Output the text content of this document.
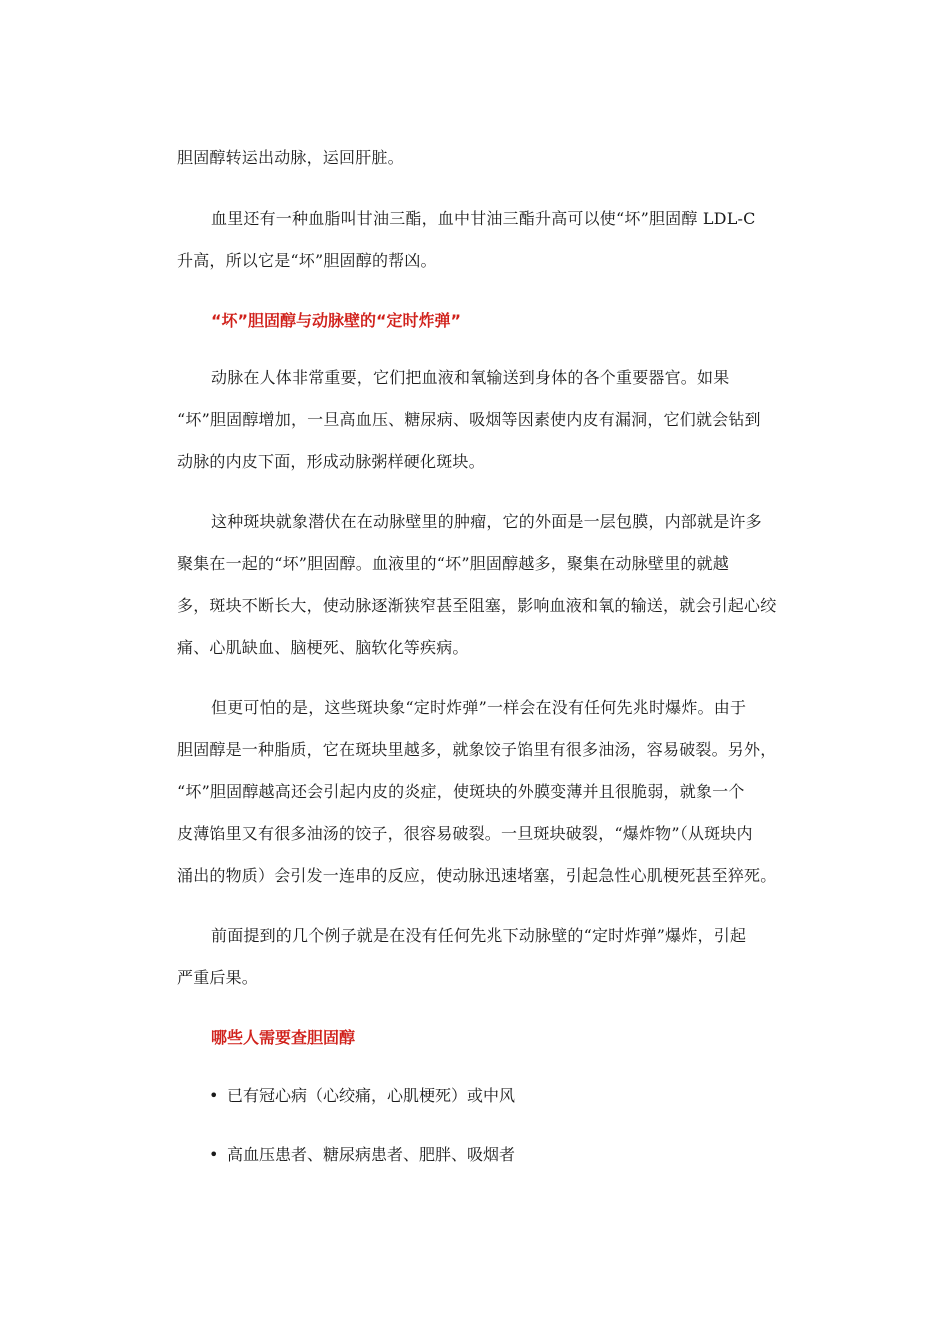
胆固醇转运出动脉，运回肝脏。
血里还有一种血脂叫甘油三酯，血中甘油三酯升高可以使“坏”胆固醇 LDL-C
升高，所以它是“坏”胆固醇的帮凶。
“坏”胆固醇与动脉壁的“定时炸弹”
动脉在人体非常重要，它们把血液和氧输送到身体的各个重要器官。如果
“坏”胆固醇增加，一旦高血压、糖尿病、吸烟等因素使内皮有漏洞，它们就会钻到
动脉的内皮下面，形成动脉粥样硬化斑块。
这种斑块就象潜伏在在动脉壁里的肿瘤，它的外面是一层包膜，内部就是许多
聚集在一起的“坏”胆固醇。血液里的“坏”胆固醇越多，聚集在动脉壁里的就越
多，斑块不断长大，使动脉逐渐狭窄甚至阻塞，影响血液和氧的输送，就会引起心绞
痛、心肌缺血、脑梗死、脑软化等疾病。
但更可怕的是，这些斑块象“定时炸弹”一样会在没有任何先兆时爆炸。由于
胆固醇是一种脂质，它在斑块里越多，就象饺子馅里有很多油汤，容易破裂。另外，
“坏”胆固醇越高还会引起内皮的炎症，使斑块的外膜变薄并且很脆弱，就象一个
皮薄馅里又有很多油汤的饺子，很容易破裂。一旦斑块破裂，“爆炸物”（从斑块内
涌出的物质）会引发一连串的反应，使动脉迅速堵塞，引起急性心肌梗死甚至猝死。
前面提到的几个例子就是在没有任何先兆下动脉壁的“定时炸弹”爆炸，引起
严重后果。
哪些人需要查胆固醇
• 已有冠心病（心绞痛，心肌梗死）或中风
• 高血压患者、糖尿病患者、肥胖、吸烟者
